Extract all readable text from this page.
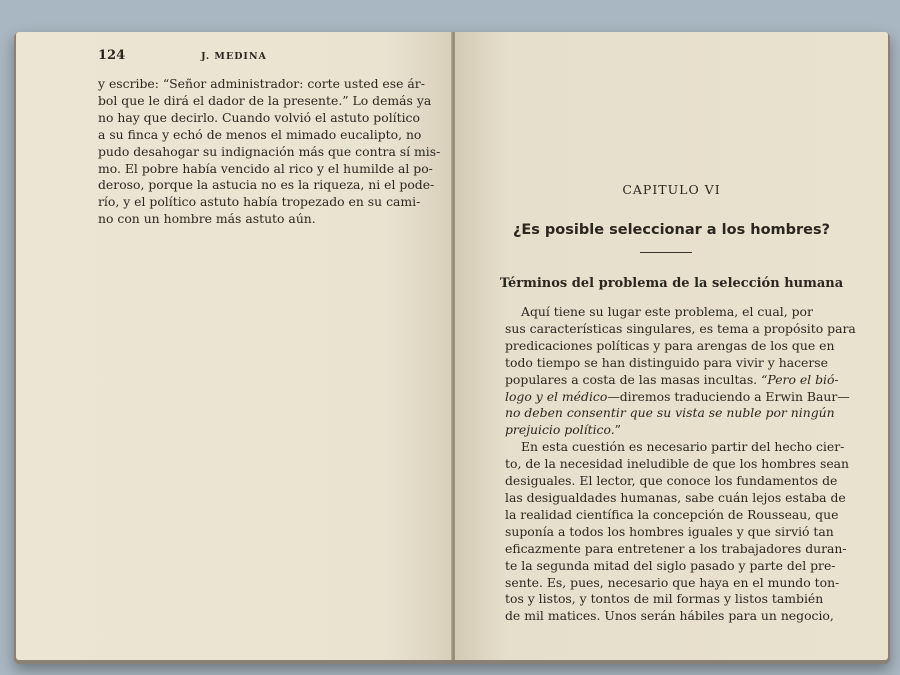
124	J. MEDINA
y escribe: “Señor administrador: corte usted ese ár-
bol que le dirá el dador de la presente.” Lo demás ya
no hay que decirlo. Cuando volvió el astuto político
a su finca y echó de menos el mimado eucalipto, no
pudo desahogar su indignación más que contra sí mis-
mo. El pobre había vencido al rico y el humilde al po-
deroso, porque la astucia no es la riqueza, ni el pode-
río, y el político astuto había tropezado en su cami-
no con un hombre más astuto aún.
CAPITULO VI
¿Es posible seleccionar a los hombres?
Términos del problema de la selección humana
Aquí tiene su lugar este problema, el cual, por
sus características singulares, es tema a propósito para
predicaciones políticas y para arengas de los que en
todo tiempo se han distinguido para vivir y hacerse
populares a costa de las masas incultas. “Pero el bió-
logo y el médico—diremos traduciendo a Erwin Baur—
no deben consentir que su vista se nuble por ningún
prejuicio político.”
En esta cuestión es necesario partir del hecho cier-
to, de la necesidad ineludible de que los hombres sean
desiguales. El lector, que conoce los fundamentos de
las desigualdades humanas, sabe cuán lejos estaba de
la realidad científica la concepción de Rousseau, que
suponía a todos los hombres iguales y que sirvió tan
eficazmente para entretener a los trabajadores duran-
te la segunda mitad del siglo pasado y parte del pre-
sente. Es, pues, necesario que haya en el mundo ton-
tos y listos, y tontos de mil formas y listos también
de mil matices. Unos serán hábiles para un negocio,
